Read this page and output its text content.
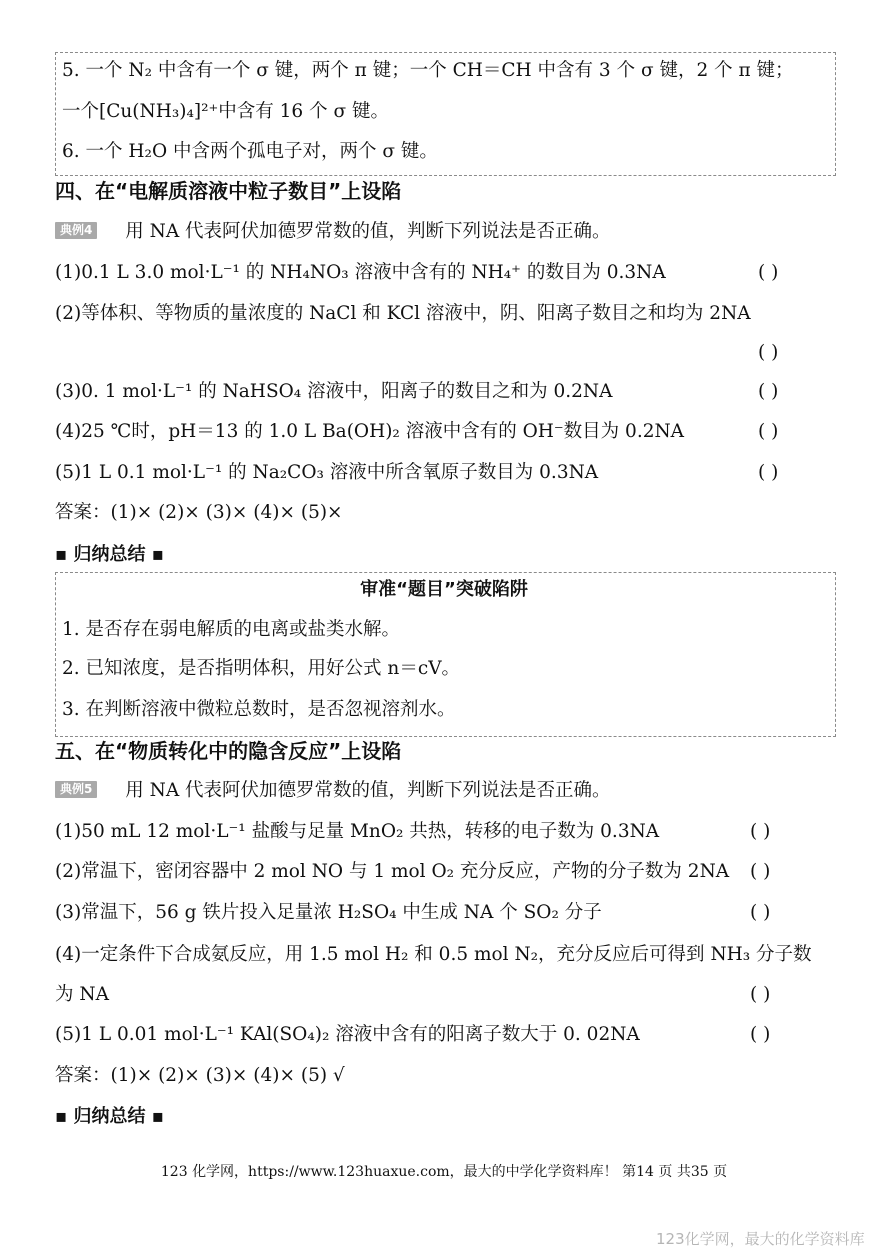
5. 一个 N₂ 中含有一个 σ 键，两个 π 键；一个 CH＝CH 中含有 3 个 σ 键，2 个 π 键；
一个[Cu(NH₃)₄]²⁺中含有 16 个 σ 键。
6. 一个 H₂O 中含两个孤电子对，两个 σ 键。
四、在“电解质溶液中粒子数目”上设陷
典例4 用 NA 代表阿伏加德罗常数的值，判断下列说法是否正确。
(1)0.1 L 3.0 mol·L⁻¹ 的 NH₄NO₃ 溶液中含有的 NH₄⁺ 的数目为 0.3NA	( )
(2)等体积、等物质的量浓度的 NaCl 和 KCl 溶液中，阴、阳离子数目之和均为 2NA
( )
(3)0. 1 mol·L⁻¹ 的 NaHSO₄ 溶液中，阳离子的数目之和为 0.2NA	( )
(4)25 ℃时，pH＝13 的 1.0 L Ba(OH)₂ 溶液中含有的 OH⁻数目为 0.2NA	( )
(5)1 L 0.1 mol·L⁻¹ 的 Na₂CO₃ 溶液中所含氧原子数目为 0.3NA	( )
答案：(1)× (2)× (3)× (4)× (5)×
▪ 归纳总结 ▪
审准“题目”突破陷阱
1. 是否存在弱电解质的电离或盐类水解。
2. 已知浓度，是否指明体积，用好公式 n＝cV。
3. 在判断溶液中微粒总数时，是否忽视溶剂水。
五、在“物质转化中的隐含反应”上设陷
典例5 用 NA 代表阿伏加德罗常数的值，判断下列说法是否正确。
(1)50 mL 12 mol·L⁻¹ 盐酸与足量 MnO₂ 共热，转移的电子数为 0.3NA	( )
(2)常温下，密闭容器中 2 mol NO 与 1 mol O₂ 充分反应，产物的分子数为 2NA ( )
(3)常温下，56 g 铁片投入足量浓 H₂SO₄ 中生成 NA 个 SO₂ 分子	( )
(4)一定条件下合成氨反应，用 1.5 mol H₂ 和 0.5 mol N₂，充分反应后可得到 NH₃ 分子数
为 NA	( )
(5)1 L 0.01 mol·L⁻¹ KAl(SO₄)₂ 溶液中含有的阳离子数大于 0. 02NA	( )
答案：(1)× (2)× (3)× (4)× (5) √
▪ 归纳总结 ▪
123 化学网，https://www.123huaxue.com，最大的中学化学资料库！ 第14 页 共35 页
123化学网，最大的化学资料库
